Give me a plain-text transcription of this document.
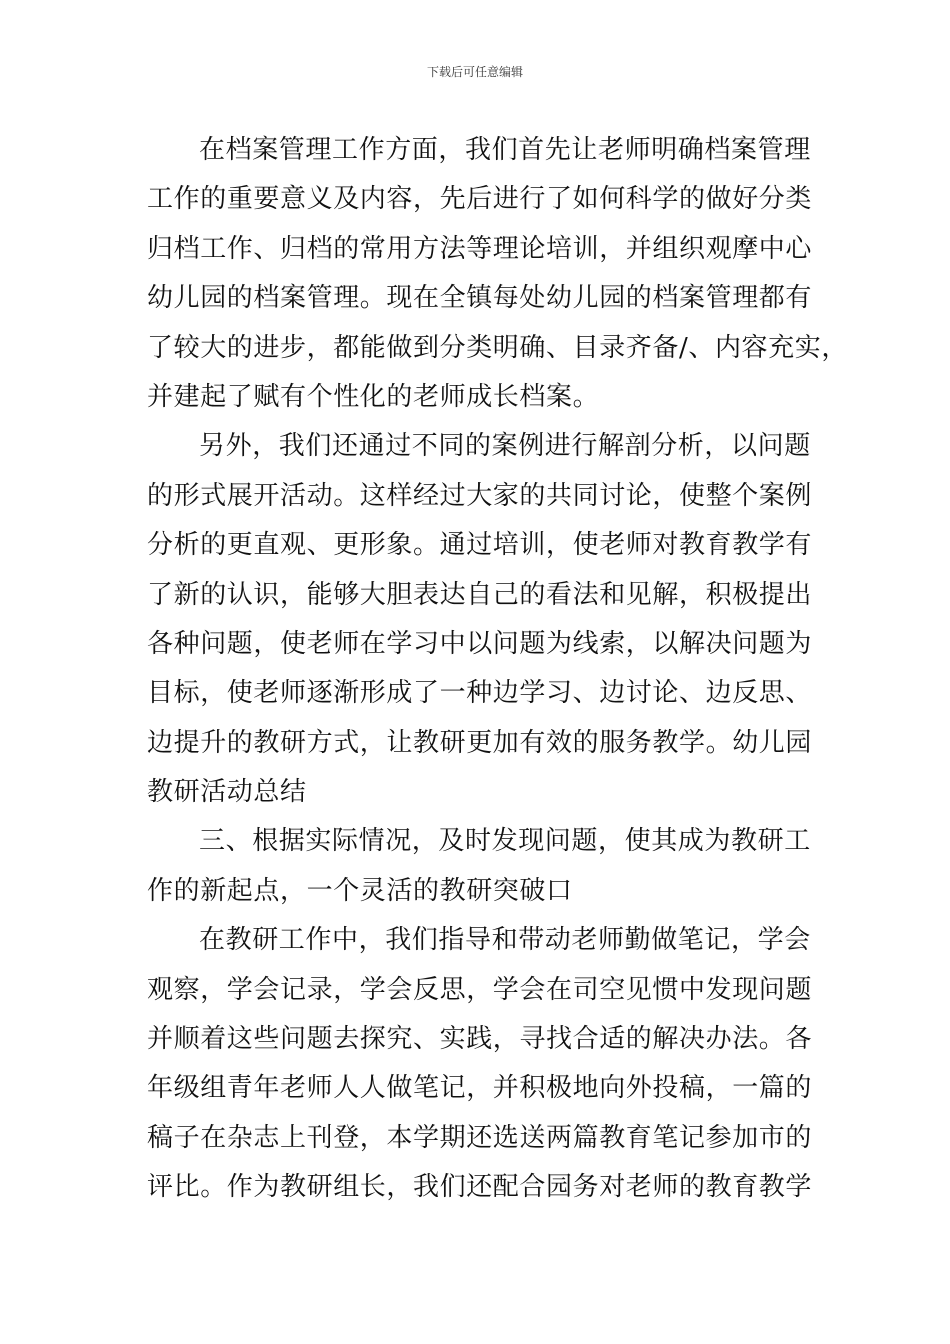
下载后可任意编辑
在档案管理工作方面，我们首先让老师明确档案管理
工作的重要意义及内容，先后进行了如何科学的做好分类
归档工作、归档的常用方法等理论培训，并组织观摩中心
幼儿园的档案管理。现在全镇每处幼儿园的档案管理都有
了较大的进步，都能做到分类明确、目录齐备/、内容充实，
并建起了赋有个性化的老师成长档案。
另外，我们还通过不同的案例进行解剖分析，以问题
的形式展开活动。这样经过大家的共同讨论，使整个案例
分析的更直观、更形象。通过培训，使老师对教育教学有
了新的认识，能够大胆表达自己的看法和见解，积极提出
各种问题，使老师在学习中以问题为线索，以解决问题为
目标，使老师逐渐形成了一种边学习、边讨论、边反思、
边提升的教研方式，让教研更加有效的服务教学。幼儿园
教研活动总结
三、根据实际情况，及时发现问题，使其成为教研工
作的新起点，一个灵活的教研突破口
在教研工作中，我们指导和带动老师勤做笔记，学会
观察，学会记录，学会反思，学会在司空见惯中发现问题
并顺着这些问题去探究、实践，寻找合适的解决办法。各
年级组青年老师人人做笔记，并积极地向外投稿，一篇的
稿子在杂志上刊登，本学期还选送两篇教育笔记参加市的
评比。作为教研组长，我们还配合园务对老师的教育教学
